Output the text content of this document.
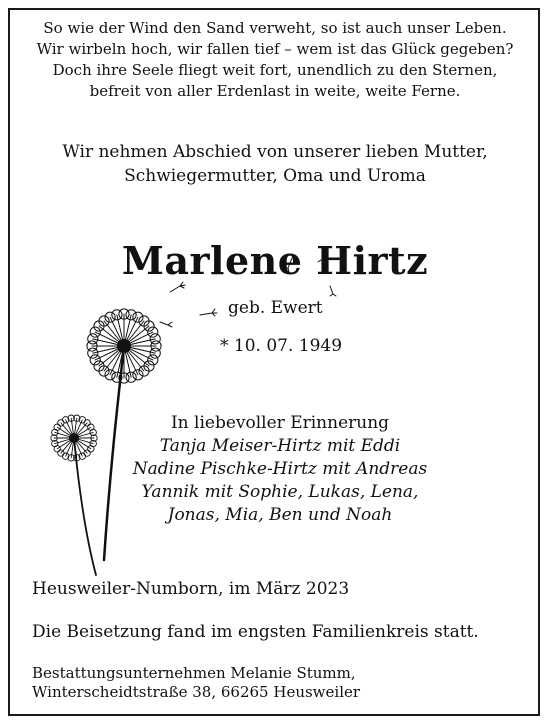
So wie der Wind den Sand verweht, so ist auch unser Leben.
Wir wirbeln hoch, wir fallen tief – wem ist das Glück gegeben?
Doch ihre Seele fliegt weit fort, unendlich zu den Sternen,
befreit von aller Erdenlast in weite, weite Ferne.
Wir nehmen Abschied von unserer lieben Mutter,
Schwiegermutter, Oma und Uroma
Marlene Hirtz
geb. Ewert
* 10. 07. 1949
In liebevoller Erinnerung
Tanja Meiser-Hirtz mit Eddi
Nadine Pischke-Hirtz mit Andreas
Yannik mit Sophie, Lukas, Lena,
Jonas, Mia, Ben und Noah
Heusweiler-Numborn, im März 2023
Die Beisetzung fand im engsten Familienkreis statt.
Bestattungsunternehmen Melanie Stumm,
Winterscheidtstraße 38, 66265 Heusweiler
